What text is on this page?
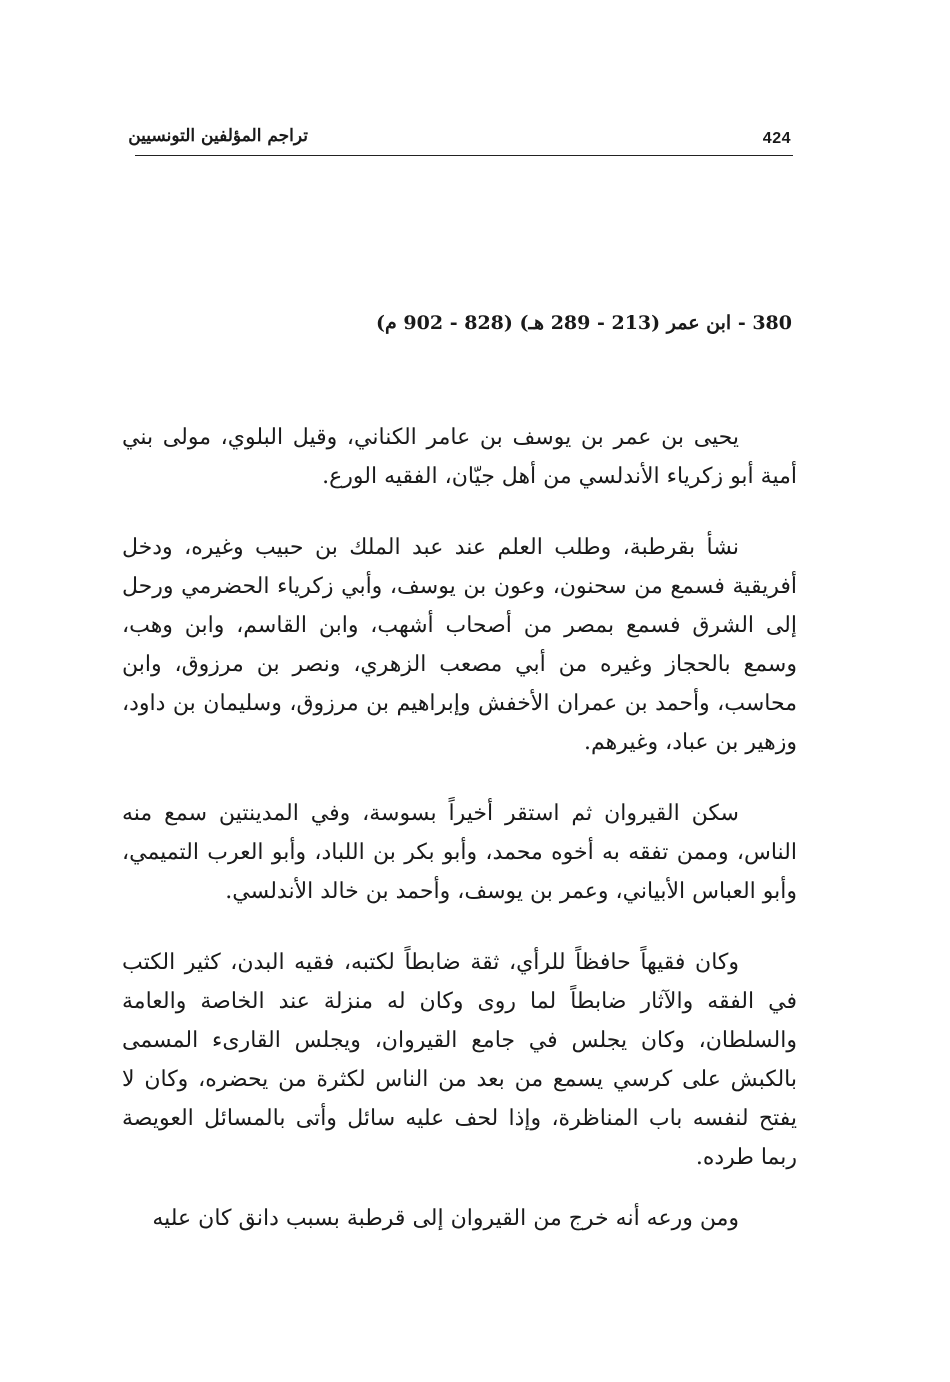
تراجم المؤلفين التونسيين	424
380 - ابن عمر (213 - 289 هـ) (828 - 902 م)

يحيى بن عمر بن يوسف بن عامر الكناني، وقيل البلوي، مولى بني أمية أبو زكرياء الأندلسي من أهل جيّان، الفقيه الورع.

نشأ بقرطبة، وطلب العلم عند عبد الملك بن حبيب وغيره، ودخل أفريقية فسمع من سحنون، وعون بن يوسف، وأبي زكرياء الحضرمي ورحل إلى الشرق فسمع بمصر من أصحاب أشهب، وابن القاسم، وابن وهب، وسمع بالحجاز وغيره من أبي مصعب الزهري، ونصر بن مرزوق، وابن محاسب، وأحمد بن عمران الأخفش وإبراهيم بن مرزوق، وسليمان بن داود، وزهير بن عباد، وغيرهم.

سكن القيروان ثم استقر أخيراً بسوسة، وفي المدينتين سمع منه الناس، وممن تفقه به أخوه محمد، وأبو بكر بن اللباد، وأبو العرب التميمي، وأبو العباس الأبياني، وعمر بن يوسف، وأحمد بن خالد الأندلسي.

وكان فقيهاً حافظاً للرأي، ثقة ضابطاً لكتبه، فقيه البدن، كثير الكتب في الفقه والآثار ضابطاً لما روى وكان له منزلة عند الخاصة والعامة والسلطان، وكان يجلس في جامع القيروان، ويجلس القارىء المسمى بالكبش على كرسي يسمع من بعد من الناس لكثرة من يحضره، وكان لا يفتح لنفسه باب المناظرة، وإذا لحف عليه سائل وأتى بالمسائل العويصة ربما طرده.

ومن ورعه أنه خرج من القيروان إلى قرطبة بسبب دانق كان عليه
